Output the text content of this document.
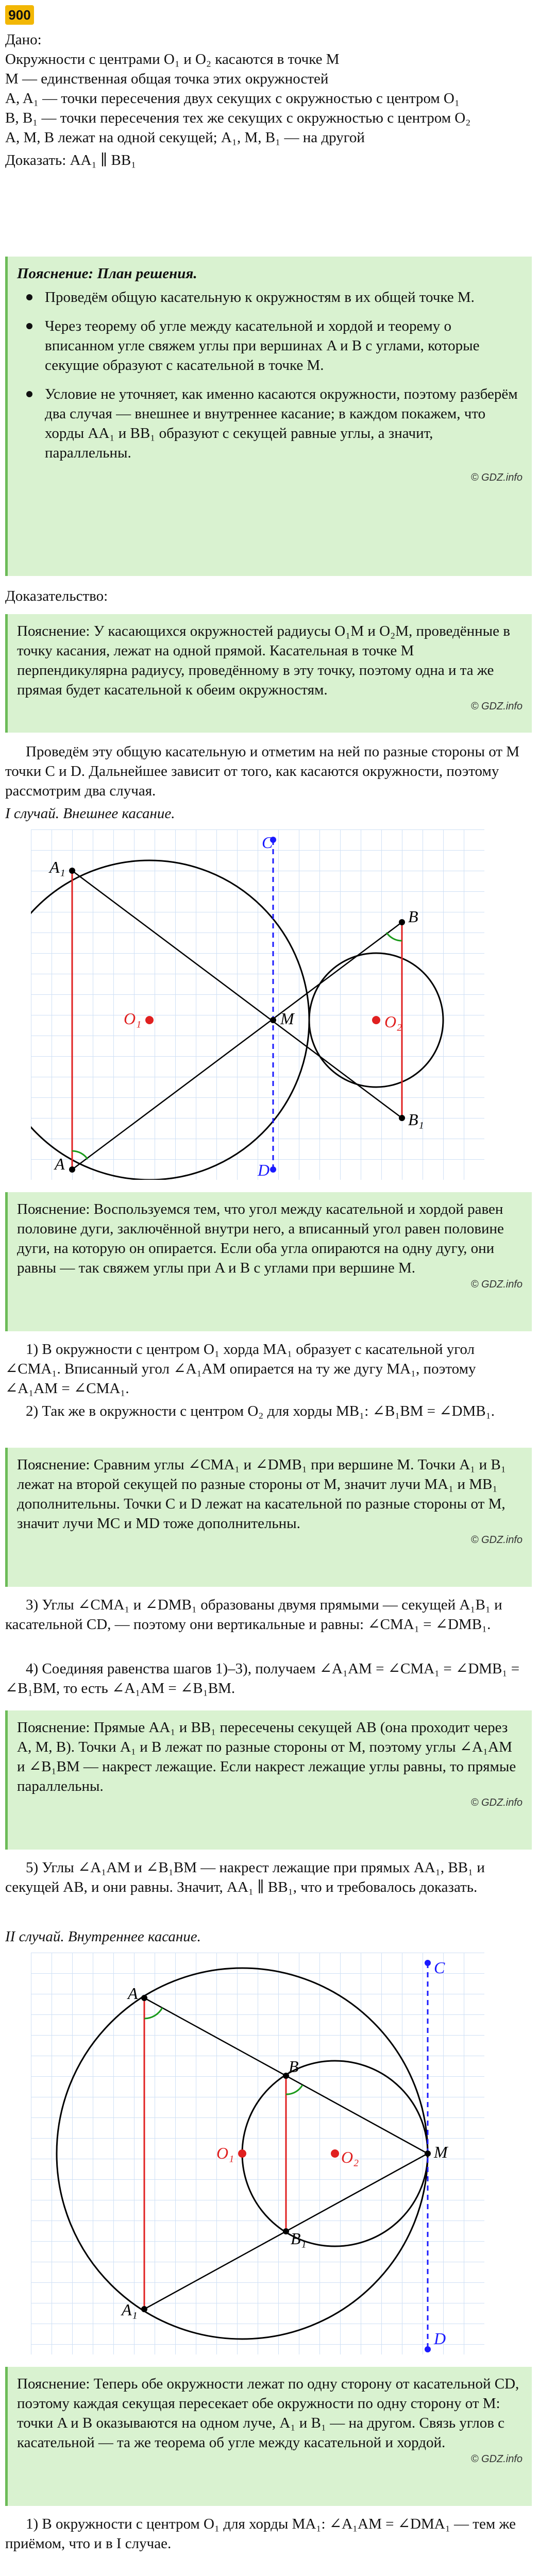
900

Дано:

Окружности с центрами O₁ и O₂ касаются в точке M

M — единственная общая точка этих окружностей

A, A₁ — точки пересечения двух секущих с окружностью с центром O₁

B, B₁ — точки пересечения тех же секущих с окружностью с центром O₂

A, M, B лежат на одной секущей; A₁, M, B₁ — на другой

Доказать: AA₁ ∥ BB₁

Пояснение: План решения.
Проведём общую касательную к окружностям в их общей точке M.
Через теорему об угле между касательной и хордой и теорему о вписанном угле свяжем углы при вершинах A и B с углами, которые секущие образуют с касательной в точке M.
Условие не уточняет, как именно касаются окружности, поэтому разберём два случая — внешнее и внутреннее касание; в каждом покажем, что хорды AA₁ и BB₁ образуют с секущей равные углы, а значит, параллельны.
© GDZ.info
Доказательство:
Пояснение: У касающихся окружностей радиусы O₁M и O₂M, проведённые в точку касания, лежат на одной прямой. Касательная в точке M перпендикулярна радиусу, проведённому в эту точку, поэтому одна и та же прямая будет касательной к обеим окружностям.
© GDZ.info
Проведём эту общую касательную и отметим на ней по разные стороны от M точки C и D. Дальнейшее зависит от того, как касаются окружности, поэтому рассмотрим два случая.
I случай. Внешнее касание.
A₁
A
B
B₁
M
C
D
O₁	O₂
Пояснение: Воспользуемся тем, что угол между касательной и хордой равен половине дуги, заключённой внутри него, а вписанный угол равен половине дуги, на которую он опирается. Если оба угла опираются на одну дугу, они равны — так свяжем углы при A и B с углами при вершине M.
© GDZ.info
1) В окружности с центром O₁ хорда MA₁ образует с касательной угол ∠CMA₁. Вписанный угол ∠A₁AM опирается на ту же дугу MA₁, поэтому ∠A₁AM = ∠CMA₁.
2) Так же в окружности с центром O₂ для хорды MB₁: ∠B₁BM = ∠DMB₁.
Пояснение: Сравним углы ∠CMA₁ и ∠DMB₁ при вершине M. Точки A₁ и B₁ лежат на второй секущей по разные стороны от M, значит лучи MA₁ и MB₁ дополнительны. Точки C и D лежат на касательной по разные стороны от M, значит лучи MC и MD тоже дополнительны.
© GDZ.info
3) Углы ∠CMA₁ и ∠DMB₁ образованы двумя прямыми — секущей A₁B₁ и касательной CD, — поэтому они вертикальные и равны: ∠CMA₁ = ∠DMB₁.
4) Соединяя равенства шагов 1)–3), получаем ∠A₁AM = ∠CMA₁ = ∠DMB₁ = ∠B₁BM, то есть ∠A₁AM = ∠B₁BM.
Пояснение: Прямые AA₁ и BB₁ пересечены секущей AB (она проходит через A, M, B). Точки A₁ и B лежат по разные стороны от M, поэтому углы ∠A₁AM и ∠B₁BM — накрест лежащие. Если накрест лежащие углы равны, то прямые параллельны.
© GDZ.info
5) Углы ∠A₁AM и ∠B₁BM — накрест лежащие при прямых AA₁, BB₁ и секущей AB, и они равны. Значит, AA₁ ∥ BB₁, что и требовалось доказать.
II случай. Внутреннее касание.
A
A₁
B
B₁
M
C
D
O₁	O₂
Пояснение: Теперь обе окружности лежат по одну сторону от касательной CD, поэтому каждая секущая пересекает обе окружности по одну сторону от M: точки A и B оказываются на одном луче, A₁ и B₁ — на другом. Связь углов с касательной — та же теорема об угле между касательной и хордой.
© GDZ.info
1) В окружности с центром O₁ для хорды MA₁: ∠A₁AM = ∠DMA₁ — тем же приёмом, что и в I случае.
